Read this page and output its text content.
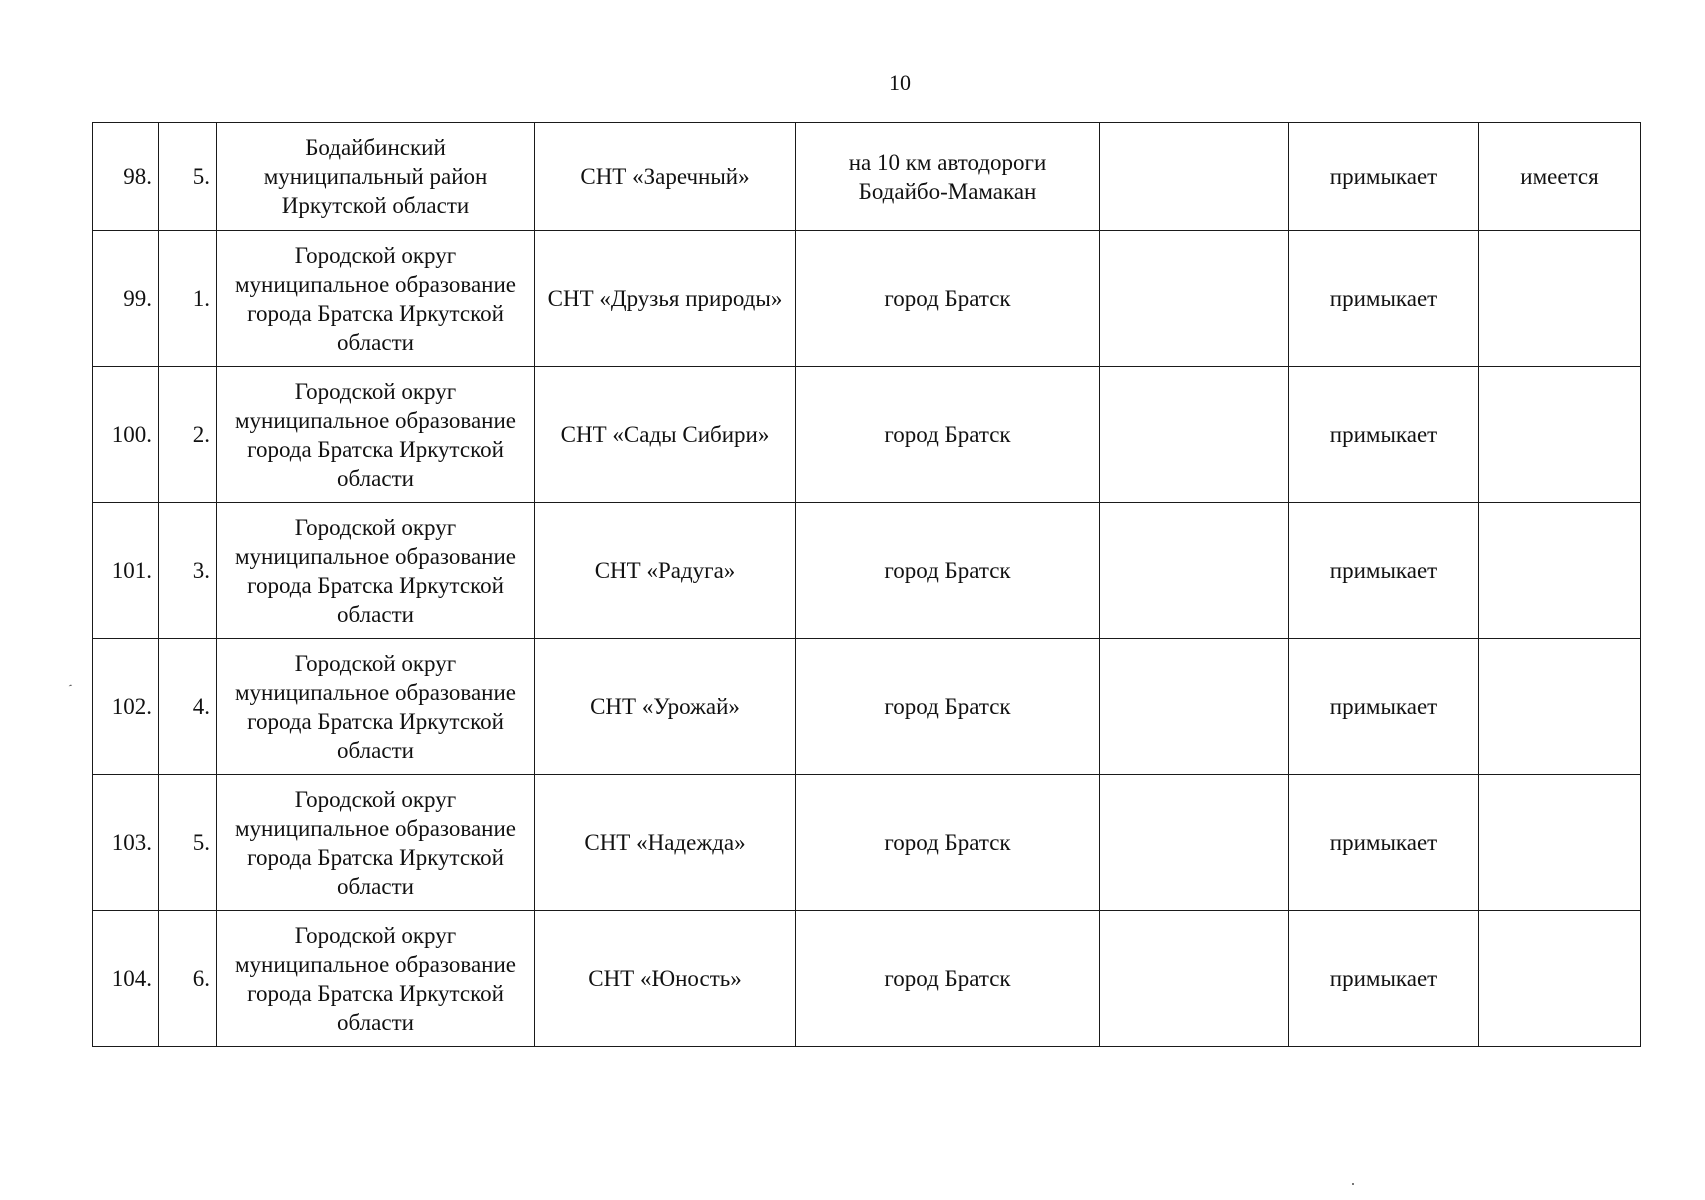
10
98.	5.	Бодайбинский муниципальный район Иркутской области	СНТ «Заречный»	на 10 км автодороги Бодайбо-Мамакан		примыкает	имеется
99.	1.	Городской округ муниципальное образование города Братска Иркутской области	СНТ «Друзья природы»	город Братск		примыкает	
100.	2.	Городской округ муниципальное образование города Братска Иркутской области	СНТ «Сады Сибири»	город Братск		примыкает	
101.	3.	Городской округ муниципальное образование города Братска Иркутской области	СНТ «Радуга»	город Братск		примыкает	
102.	4.	Городской округ муниципальное образование города Братска Иркутской области	СНТ «Урожай»	город Братск		примыкает	
103.	5.	Городской округ муниципальное образование города Братска Иркутской области	СНТ «Надежда»	город Братск		примыкает	
104.	6.	Городской округ муниципальное образование города Братска Иркутской области	СНТ «Юность»	город Братск		примыкает	
ˊ
